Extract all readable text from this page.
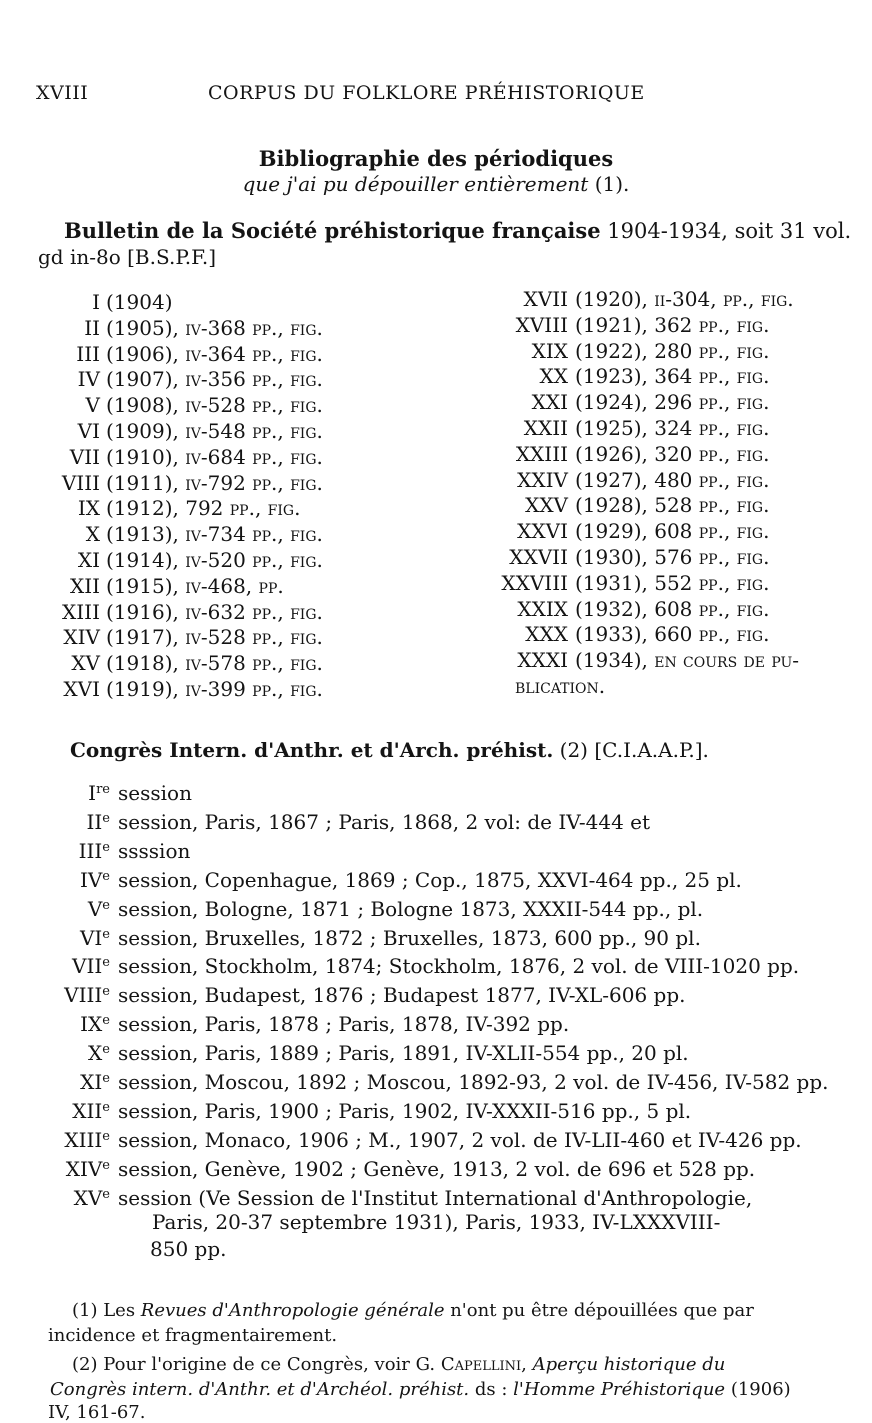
XVIII	CORPUS DU FOLKLORE PRÉHISTORIQUE
Bibliographie des périodiques
que j'ai pu dépouiller entièrement (1).
Bulletin de la Société préhistorique française 1904-1934, soit 31 vol.
gd in-8o [B.S.P.F.]
I (1904)
II (1905), iv-368 pp., fig.
III (1906), iv-364 pp., fig.
IV (1907), iv-356 pp., fig.
V (1908), iv-528 pp., fig.
VI (1909), iv-548 pp., fig.
VII (1910), iv-684 pp., fig.
VIII (1911), iv-792 pp., fig.
IX (1912), 792 pp., fig.
X (1913), iv-734 pp., fig.
XI (1914), iv-520 pp., fig.
XII (1915), iv-468, pp.
XIII (1916), iv-632 pp., fig.
XIV (1917), iv-528 pp., fig.
XV (1918), iv-578 pp., fig.
XVI (1919), iv-399 pp., fig.
XVII (1920), ii-304, pp., fig.
XVIII (1921), 362 pp., fig.
XIX (1922), 280 pp., fig.
XX (1923), 364 pp., fig.
XXI (1924), 296 pp., fig.
XXII (1925), 324 pp., fig.
XXIII (1926), 320 pp., fig.
XXIV (1927), 480 pp., fig.
XXV (1928), 528 pp., fig.
XXVI (1929), 608 pp., fig.
XXVII (1930), 576 pp., fig.
XXVIII (1931), 552 pp., fig.
XXIX (1932), 608 pp., fig.
XXX (1933), 660 pp., fig.
XXXI (1934), en cours de pu-
blication.
Congrès Intern. d'Anthr. et d'Arch. préhist. (2) [C.I.A.A.P.].
Ire session
IIe session, Paris, 1867 ; Paris, 1868, 2 vol: de IV-444 et
IIIe ssssion
IVe session, Copenhague, 1869 ; Cop., 1875, XXVI-464 pp., 25 pl.
Ve session, Bologne, 1871 ; Bologne 1873, XXXII-544 pp., pl.
VIe session, Bruxelles, 1872 ; Bruxelles, 1873, 600 pp., 90 pl.
VIIe session, Stockholm, 1874; Stockholm, 1876, 2 vol. de VIII-1020 pp.
VIIIe session, Budapest, 1876 ; Budapest 1877, IV-XL-606 pp.
IXe session, Paris, 1878 ; Paris, 1878, IV-392 pp.
Xe session, Paris, 1889 ; Paris, 1891, IV-XLII-554 pp., 20 pl.
XIe session, Moscou, 1892 ; Moscou, 1892-93, 2 vol. de IV-456, IV-582 pp.
XIIe session, Paris, 1900 ; Paris, 1902, IV-XXXII-516 pp., 5 pl.
XIIIe session, Monaco, 1906 ; M., 1907, 2 vol. de IV-LII-460 et IV-426 pp.
XIVe session, Genève, 1902 ; Genève, 1913, 2 vol. de 696 et 528 pp.
XVe session (Ve Session de l'Institut International d'Anthropologie,
Paris, 20-37 septembre 1931), Paris, 1933, IV-LXXXVIII-
850 pp.
(1) Les Revues d'Anthropologie générale n'ont pu être dépouillées que par
incidence et fragmentairement.
(2) Pour l'origine de ce Congrès, voir G. Capellini, Aperçu historique du
Congrès intern. d'Anthr. et d'Archéol. préhist. ds : l'Homme Préhistorique (1906)
IV, 161-67.
